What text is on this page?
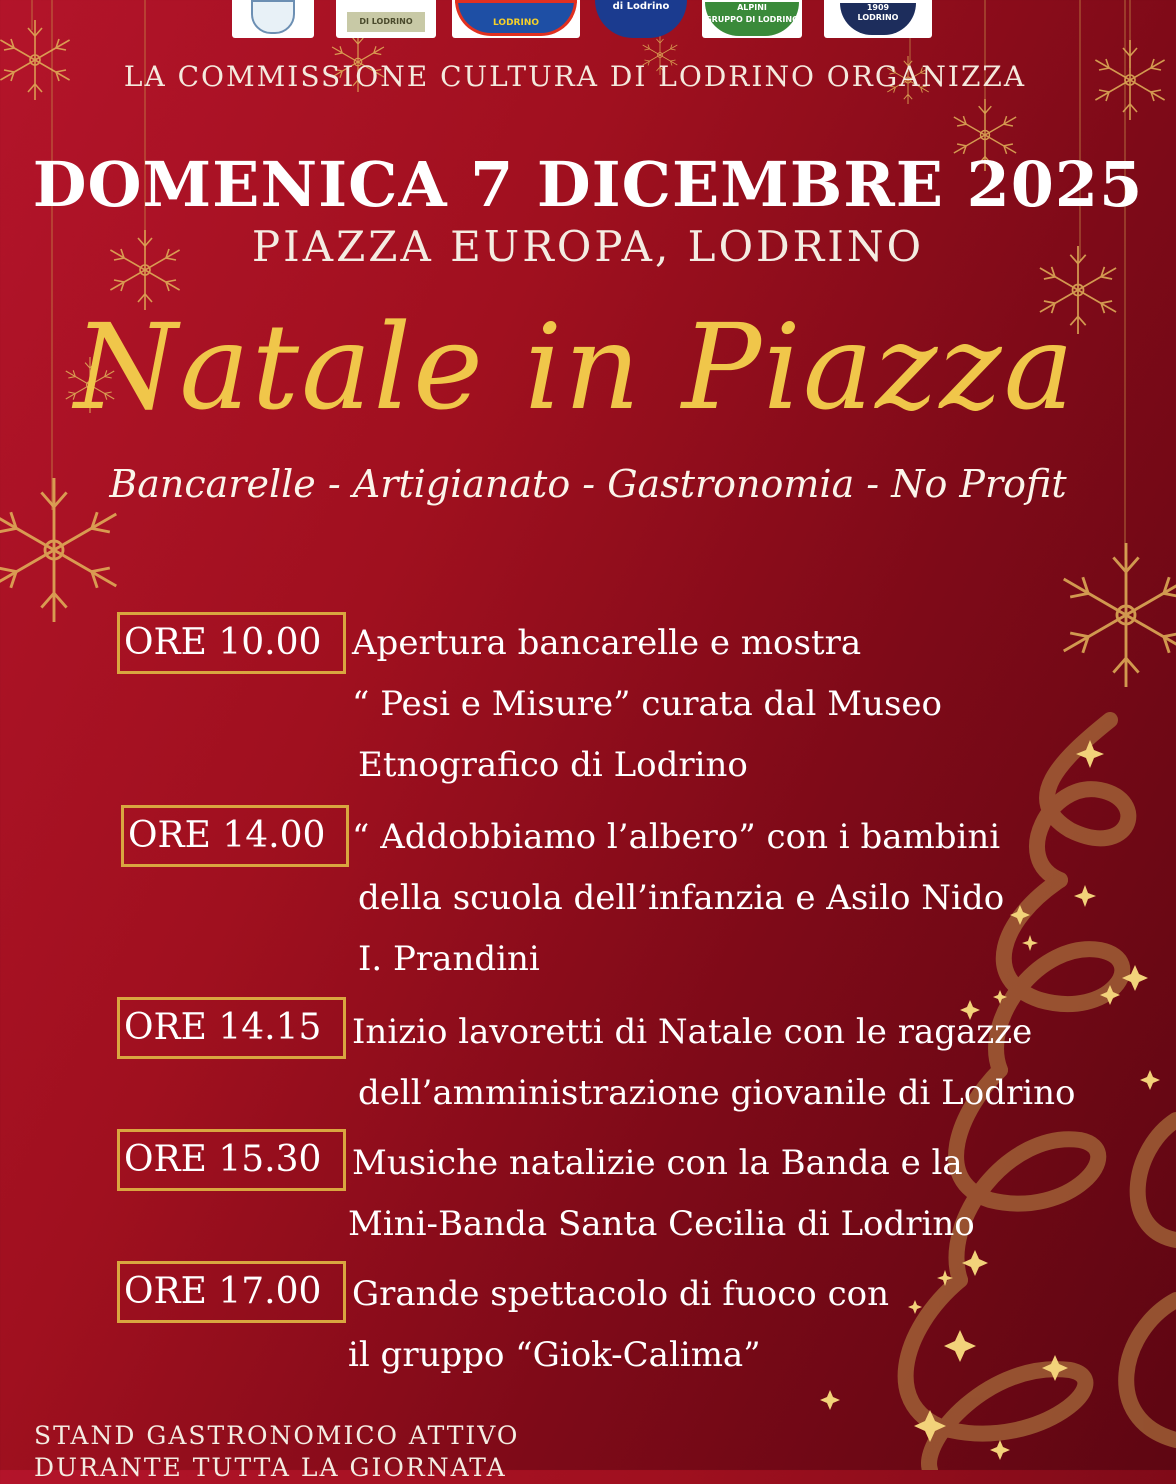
DI LODRINO	LODRINO
di Lodrino	ALPINI
GRUPPO DI LODRINO
1909
LODRINO
LA COMMISSIONE CULTURA DI LODRINO ORGANIZZA
DOMENICA 7 DICEMBRE 2025
PIAZZA EUROPA, LODRINO
Natale in Piazza
Bancarelle - Artigianato - Gastronomia - No Profit
ORE 10.00 Apertura bancarelle e mostra
“ Pesi e Misure” curata dal Museo
Etnografico di Lodrino
ORE 14.00 “ Addobbiamo l’albero” con i bambini
della scuola dell’infanzia e Asilo Nido
I. Prandini
ORE 14.15 Inizio lavoretti di Natale con le ragazze
dell’amministrazione giovanile di Lodrino
ORE 15.30 Musiche natalizie con la Banda e la
Mini-Banda Santa Cecilia di Lodrino
ORE 17.00 Grande spettacolo di fuoco con
il gruppo “Giok-Calima”
STAND GASTRONOMICO ATTIVO
DURANTE TUTTA LA GIORNATA
